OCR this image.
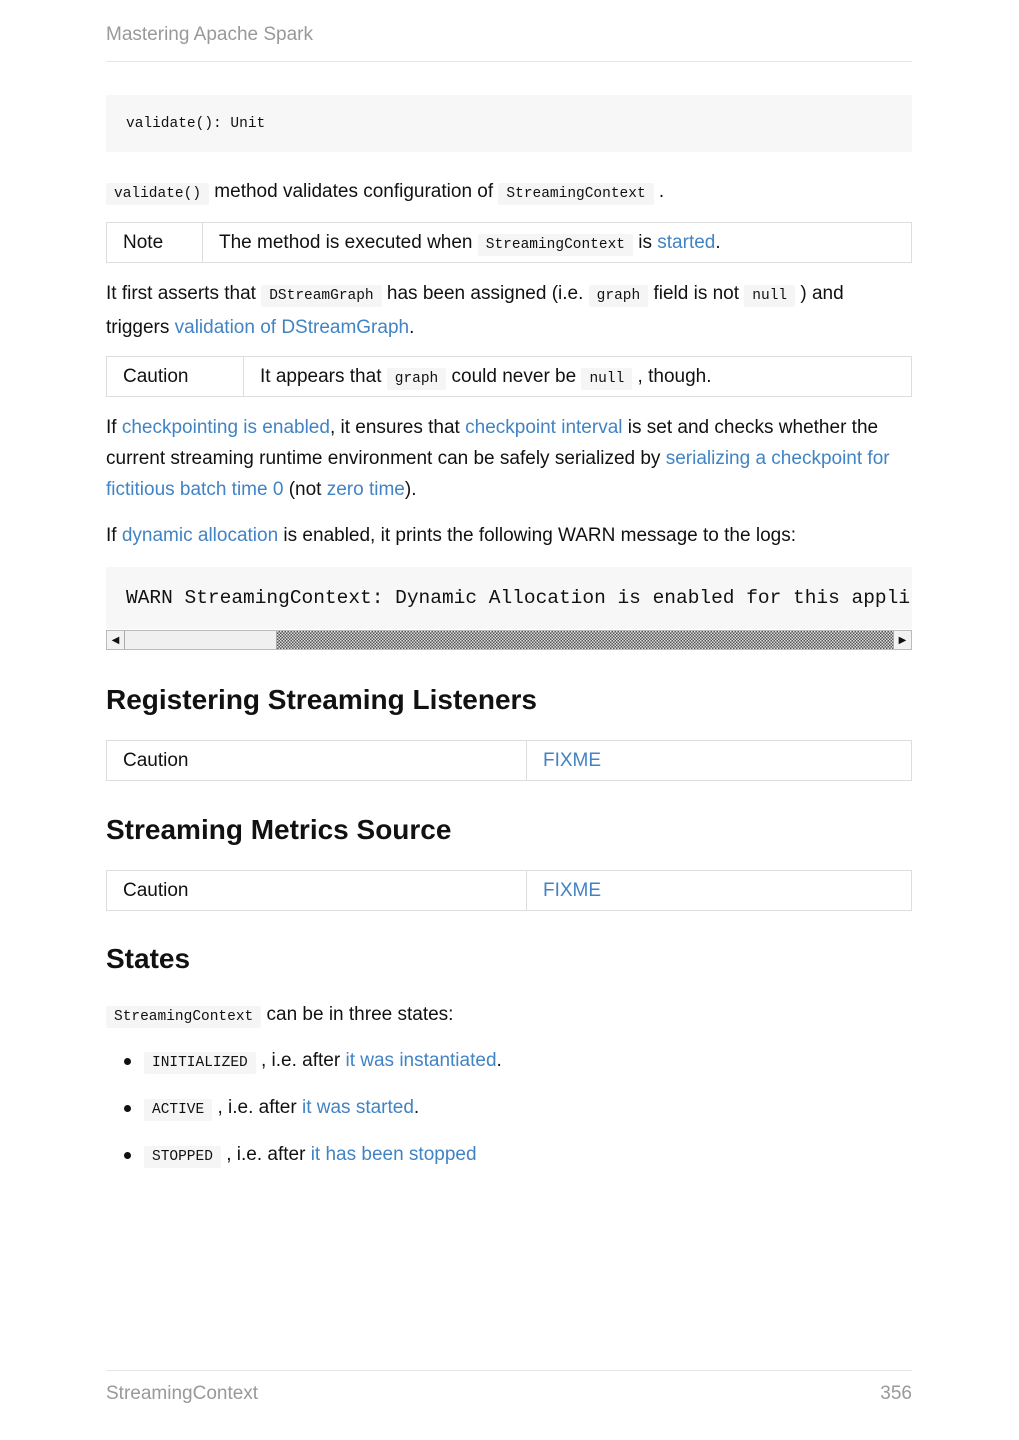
Mastering Apache Spark
validate(): Unit

validate() method validates configuration of StreamingContext .

Note	The method is executed when StreamingContext is started.

It first asserts that DStreamGraph has been assigned (i.e. graph field is not null ) and triggers validation of DStreamGraph.

Caution	It appears that graph could never be null , though.

If checkpointing is enabled, it ensures that checkpoint interval is set and checks whether the current streaming runtime environment can be safely serialized by serializing a checkpoint for fictitious batch time 0 (not zero time).

If dynamic allocation is enabled, it prints the following WARN message to the logs:

WARN StreamingContext: Dynamic Allocation is enabled for this appli
◀	▶
Registering Streaming Listeners
Caution	FIXME
Streaming Metrics Source
Caution	FIXME
States

StreamingContext can be in three states:

INITIALIZED , i.e. after it was instantiated.
ACTIVE , i.e. after it was started.
STOPPED , i.e. after it has been stopped
StreamingContext	356
